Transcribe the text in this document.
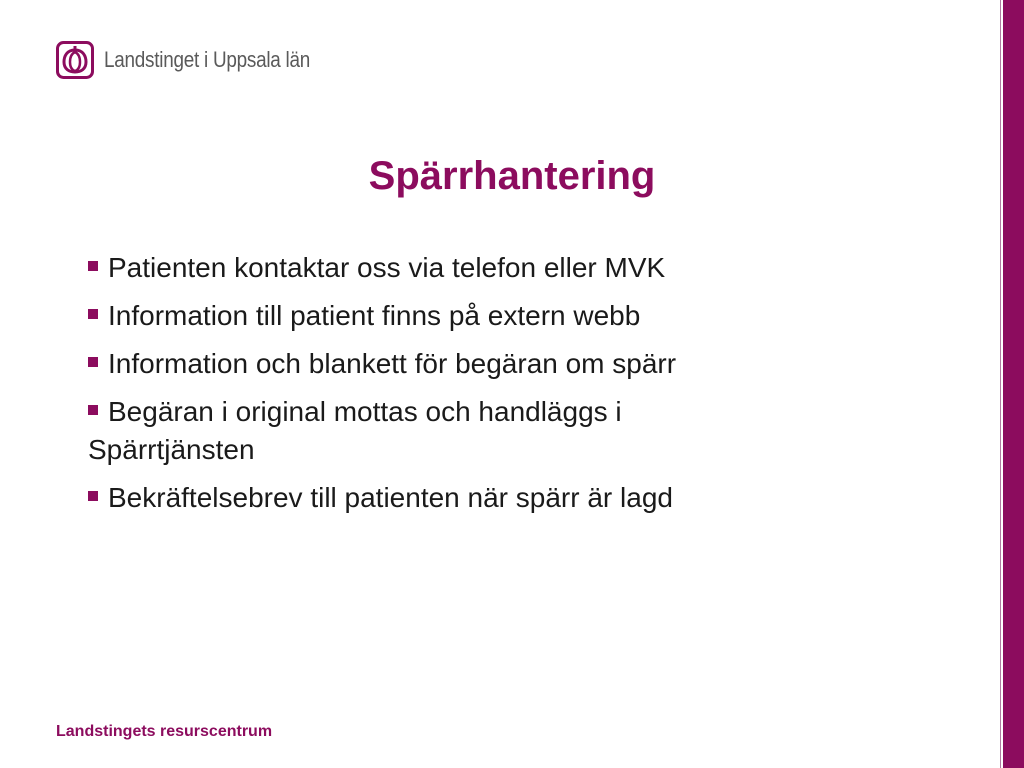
Landstinget i Uppsala län
Spärrhantering
Patienten kontaktar oss via telefon eller MVK
Information till patient finns på extern webb
Information och blankett för begäran om spärr
Begäran i original mottas och handläggs i Spärrtjänsten
Bekräftelsebrev till patienten när spärr är lagd
Landstingets resurscentrum
